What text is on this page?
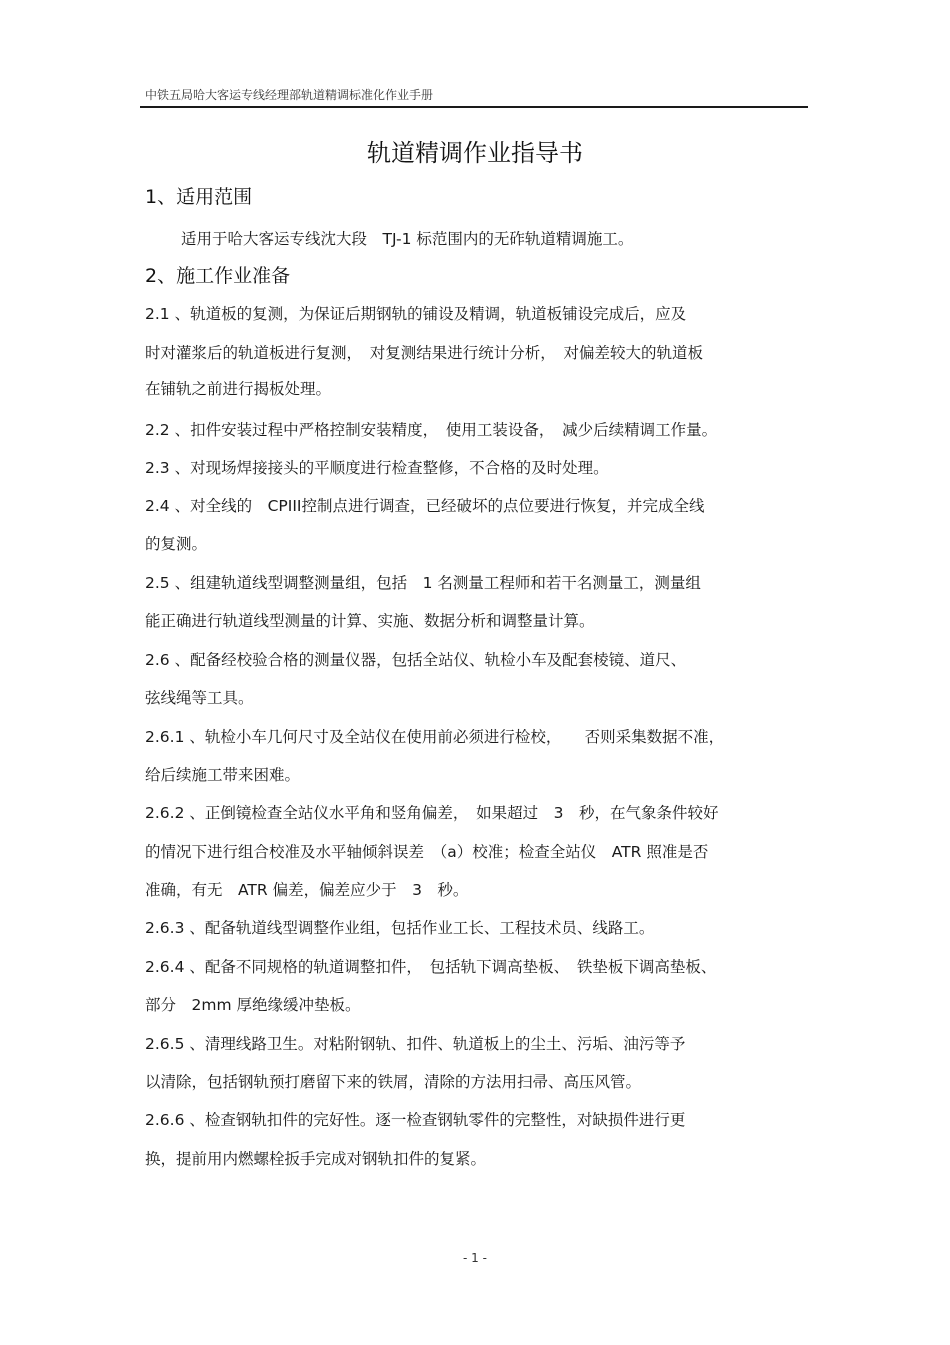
中铁五局哈大客运专线经理部轨道精调标准化作业手册
轨道精调作业指导书
1、适用范围
适用于哈大客运专线沈大段　TJ-1 标范围内的无砟轨道精调施工。
2、施工作业准备
2.1 、轨道板的复测，为保证后期钢轨的铺设及精调，轨道板铺设完成后，应及
时对灌浆后的轨道板进行复测，　对复测结果进行统计分析，　对偏差较大的轨道板
在铺轨之前进行揭板处理。
2.2 、扣件安装过程中严格控制安装精度，　使用工装设备，　减少后续精调工作量。
2.3 、对现场焊接接头的平顺度进行检查整修，不合格的及时处理。
2.4 、对全线的　CPIII控制点进行调查，已经破坏的点位要进行恢复，并完成全线
的复测。
2.5 、组建轨道线型调整测量组，包括　1 名测量工程师和若干名测量工，测量组
能正确进行轨道线型测量的计算、实施、数据分析和调整量计算。
2.6 、配备经校验合格的测量仪器，包括全站仪、轨检小车及配套棱镜、道尺、
弦线绳等工具。
2.6.1 、轨检小车几何尺寸及全站仪在使用前必须进行检校，　　否则采集数据不准，
给后续施工带来困难。
2.6.2 、正倒镜检查全站仪水平角和竖角偏差，　如果超过　3　秒，在气象条件较好
的情况下进行组合校准及水平轴倾斜误差　（a）校准；检查全站仪　ATR 照准是否
准确，有无　ATR 偏差，偏差应少于　3　秒。
2.6.3 、配备轨道线型调整作业组，包括作业工长、工程技术员、线路工。
2.6.4 、配备不同规格的轨道调整扣件，　包括轨下调高垫板、　铁垫板下调高垫板、
部分　2mm 厚绝缘缓冲垫板。
2.6.5 、清理线路卫生。对粘附钢轨、扣件、轨道板上的尘土、污垢、油污等予
以清除，包括钢轨预打磨留下来的铁屑，清除的方法用扫帚、高压风管。
2.6.6 、检查钢轨扣件的完好性。逐一检查钢轨零件的完整性，对缺损件进行更
换，提前用内燃螺栓扳手完成对钢轨扣件的复紧。
- 1 -
